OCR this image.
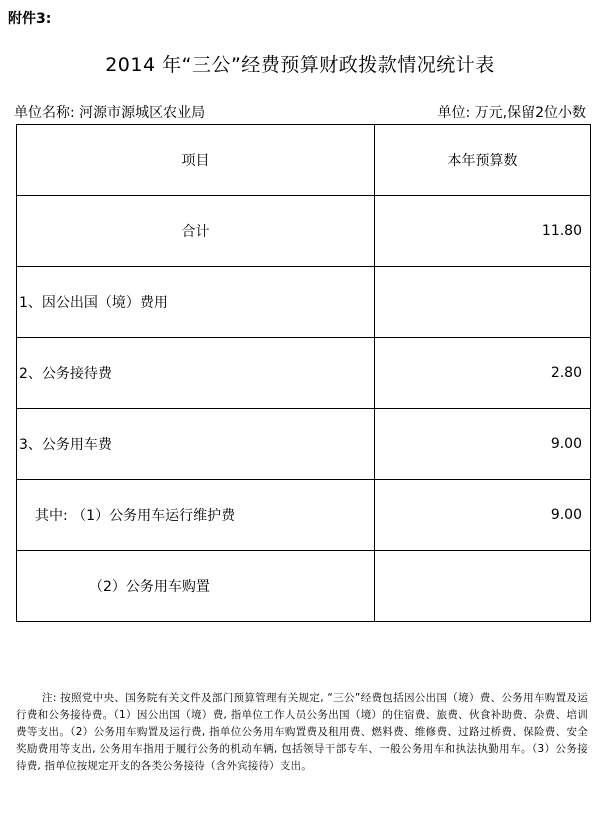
附件3:
2014 年“三公”经费预算财政拨款情况统计表
单位名称: 河源市源城区农业局	单位: 万元,保留2位小数
项目	本年预算数
合计	11.80
1、因公出国（境）费用	
2、公务接待费	2.80
3、公务用车费	9.00
其中: （1）公务用车运行维护费	9.00
（2）公务用车购置	
注: 按照党中央、国务院有关文件及部门预算管理有关规定, “三公”经费包括因公出国（境）费、公务用车购置及运行费和公务接待费。（1）因公出国（境）费, 指单位工作人员公务出国（境）的住宿费、旅费、伙食补助费、杂费、培训费等支出。（2）公务用车购置及运行费, 指单位公务用车购置费及租用费、燃料费、维修费、过路过桥费、保险费、安全奖励费用等支出, 公务用车指用于履行公务的机动车辆, 包括领导干部专车、一般公务用车和执法执勤用车。（3）公务接待费, 指单位按规定开支的各类公务接待（含外宾接待）支出。
